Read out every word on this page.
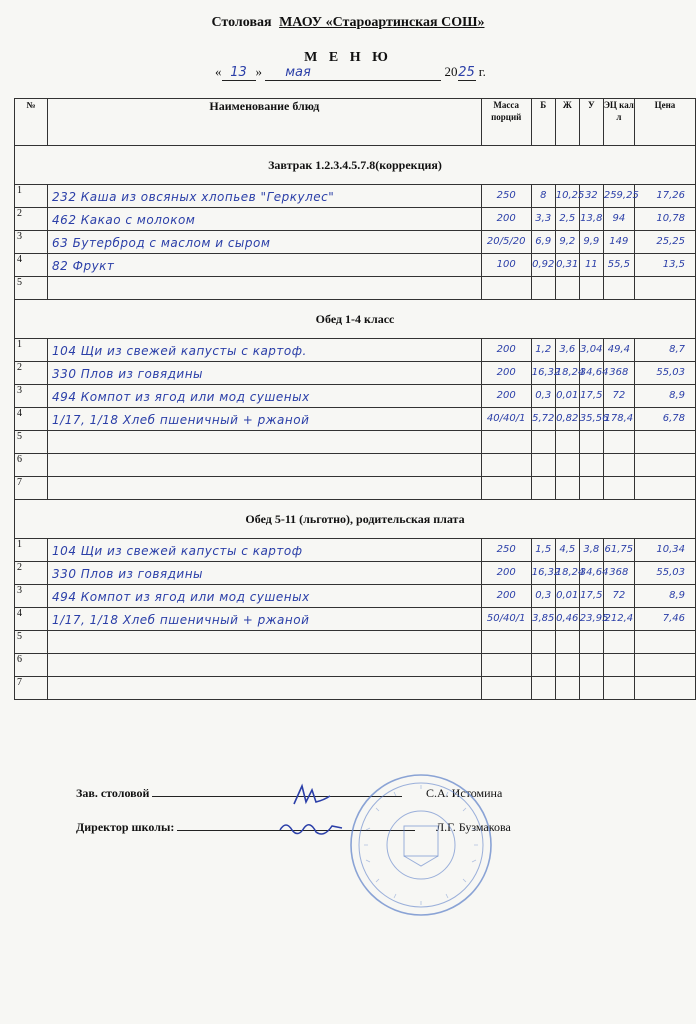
Столовая МАОУ «Староартинская СОШ»
М Е Н Ю
« 13 » мая	2025 г.
№	Наименование блюд	Масса порций	Б	Ж	У	ЭЦ кал л	Цена
Завтрак 1.2.3.4.5.7.8(коррекция)							
1	232 Каша из овсяных хлопьев "Геркулес"	250	8	10,25	32	259,25	17,26

2	462 Какао с молоком	200	3,3	2,5	13,8	94	10,78

3	63 Бутерброд с маслом и сыром	20/5/20	6,9	9,2	9,9	149	25,25

4	82 Фрукт	100	0,92	0,31	11	55,5	13,5

5	

Обед 1-4 класс							
1	104 Щи из свежей капусты с картоф.	200	1,2	3,6	3,04	49,4	8,7

2	330 Плов из говядины	200	16,32	18,24	34,64	368	55,03

3	494 Компот из ягод или мод сушеных	200	0,3	0,01	17,5	72	8,9

4	1/17, 1/18 Хлеб пшеничный + ржаной	40/40/1	5,72	0,82	35,56	178,4	6,78

5	

6	

7	

Обед 5-11 (льготно), родительская плата							
1	104 Щи из свежей капусты с картоф	250	1,5	4,5	3,8	61,75	10,34

2	330 Плов из говядины	200	16,32	18,24	34,64	368	55,03

3	494 Компот из ягод или мод сушеных	200	0,3	0,01	17,5	72	8,9

4	1/17, 1/18 Хлеб пшеничный + ржаной	50/40/1	3,85	0,46	23,95	212,4	7,46

5	

6	

7	

Зав. столовой	С.А. Истомина
Директор школы:	Л.Г. Бузмакова
